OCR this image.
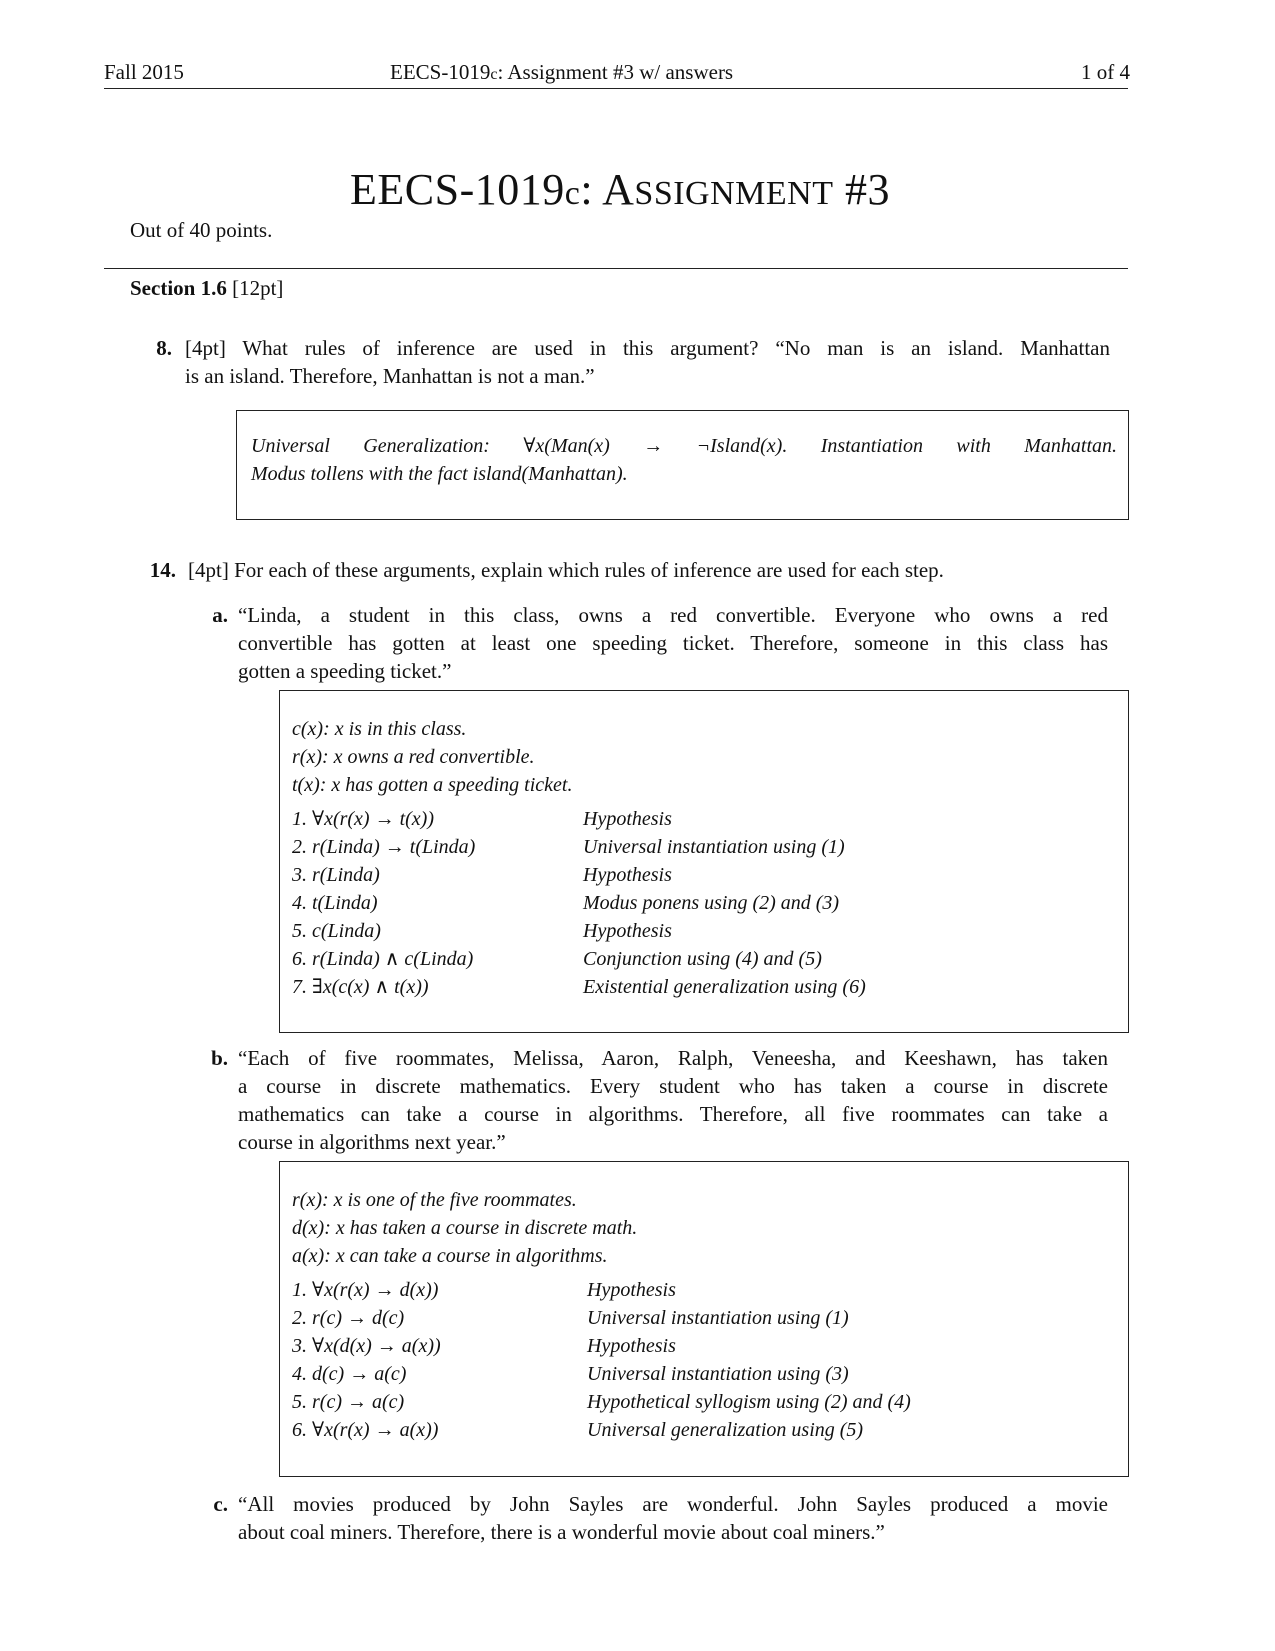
Fall 2015	EECS-1019c: Assignment #3 w/ answers	1 of 4
EECS-1019c: ASSIGNMENT #3
Out of 40 points.
Section 1.6 [12pt]
8. [4pt] What rules of inference are used in this argument? “No man is an island. Manhattan
is an island. Therefore, Manhattan is not a man.”
Universal Generalization: ∀x(Man(x) → ¬Island(x). Instantiation with Manhattan.
Modus tollens with the fact island(Manhattan).
14. [4pt] For each of these arguments, explain which rules of inference are used for each step.
a. “Linda, a student in this class, owns a red convertible. Everyone who owns a red
convertible has gotten at least one speeding ticket. Therefore, someone in this class has
gotten a speeding ticket.”
c(x): x is in this class.
r(x): x owns a red convertible.
t(x): x has gotten a speeding ticket.
1. ∀x(r(x) → t(x))	Hypothesis
2. r(Linda) → t(Linda)	Universal instantiation using (1)
3. r(Linda)	Hypothesis
4. t(Linda)	Modus ponens using (2) and (3)
5. c(Linda)	Hypothesis
6. r(Linda) ∧ c(Linda)	Conjunction using (4) and (5)
7. ∃x(c(x) ∧ t(x))	Existential generalization using (6)
b. “Each of five roommates, Melissa, Aaron, Ralph, Veneesha, and Keeshawn, has taken
a course in discrete mathematics. Every student who has taken a course in discrete
mathematics can take a course in algorithms. Therefore, all five roommates can take a
course in algorithms next year.”
r(x): x is one of the five roommates.
d(x): x has taken a course in discrete math.
a(x): x can take a course in algorithms.
1. ∀x(r(x) → d(x))	Hypothesis
2. r(c) → d(c)	Universal instantiation using (1)
3. ∀x(d(x) → a(x))	Hypothesis
4. d(c) → a(c)	Universal instantiation using (3)
5. r(c) → a(c)	Hypothetical syllogism using (2) and (4)
6. ∀x(r(x) → a(x))	Universal generalization using (5)
c. “All movies produced by John Sayles are wonderful. John Sayles produced a movie
about coal miners. Therefore, there is a wonderful movie about coal miners.”
